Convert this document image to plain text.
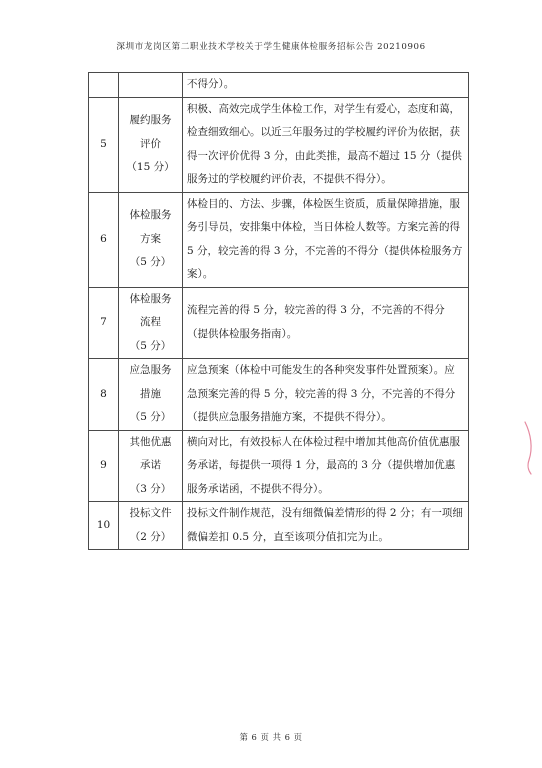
深圳市龙岗区第二职业技术学校关于学生健康体检服务招标公告 20210906
		不得分）。
5	履约服务
评价
（15 分）	积极、高效完成学生体检工作，对学生有爱心，态度和蔼，检查细致细心。以近三年服务过的学校履约评价为依据，获得一次评价优得 3 分，由此类推，最高不超过 15 分（提供服务过的学校履约评价表，不提供不得分）。
6	体检服务
方案
（5 分）	体检目的、方法、步骤，体检医生资质，质量保障措施，服务引导员，安排集中体检，当日体检人数等。方案完善的得 5 分，较完善的得 3 分，不完善的不得分（提供体检服务方案）。
7	体检服务
流程
（5 分）	流程完善的得 5 分，较完善的得 3 分，不完善的不得分（提供体检服务指南）。
8	应急服务
措施
（5 分）	应急预案（体检中可能发生的各种突发事件处置预案）。应急预案完善的得 5 分，较完善的得 3 分，不完善的不得分（提供应急服务措施方案，不提供不得分）。
9	其他优惠
承诺
（3 分）	横向对比，有效投标人在体检过程中增加其他高价值优惠服务承诺，每提供一项得 1 分，最高的 3 分（提供增加优惠服务承诺函，不提供不得分）。
10	投标文件
（2 分）	投标文件制作规范，没有细微偏差情形的得 2 分；有一项细微偏差扣 0.5 分，直至该项分值扣完为止。
第 6 页 共 6 页
